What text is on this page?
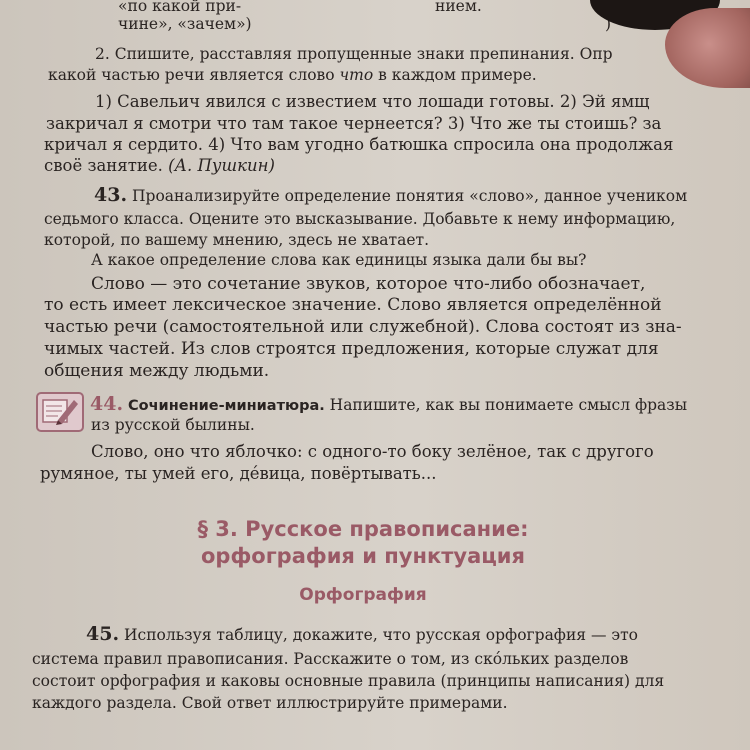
«по какой при-
чине», «зачем»)
нием.
)
2. Спишите, расставляя пропущенные знаки препинания. Опр
какой частью речи является слово что в каждом примере.
1) Савельич явился с известием что лошади готовы. 2) Эй ямщ
закричал я смотри что там такое чернеется? 3) Что же ты стоишь? за
кричал я сердито. 4) Что вам угодно батюшка спросила она продолжая
своё занятие. (А. Пушкин)
43. Проанализируйте определение понятия «слово», данное учеником
седьмого класса. Оцените это высказывание. Добавьте к нему информацию,
которой, по вашему мнению, здесь не хватает.
А какое определение слова как единицы языка дали бы вы?
Слово — это сочетание звуков, которое что-либо обозначает,
то есть имеет лексическое значение. Слово является определённой
частью речи (самостоятельной или служебной). Слова состоят из зна-
чимых частей. Из слов строятся предложения, которые служат для
общения между людьми.
44. Сочинение-миниатюра. Напишите, как вы понимаете смысл фразы
из русской былины.
Слово, оно что яблочко: с одного-то боку зелёное, так с другого
румяное, ты умей его, дéвица, повёртывать...
§ 3. Русское правописание:
орфография и пунктуация
Орфография
45. Используя таблицу, докажите, что русская орфография — это
система правил правописания. Расскажите о том, из скóльких разделов
состоит орфография и каковы основные правила (принципы написания) для
каждого раздела. Свой ответ иллюстрируйте примерами.
